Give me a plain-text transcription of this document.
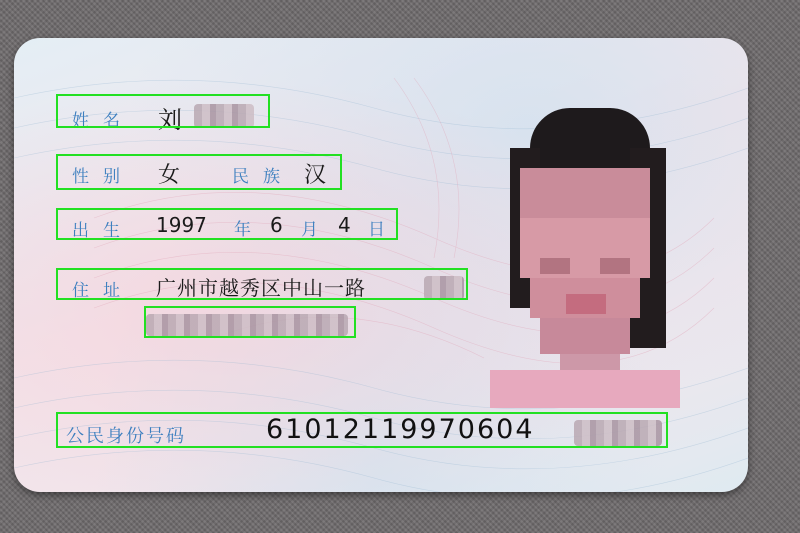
姓名 刘
性别 女	民族 汉
出生 1997 年 6 月 4 日
住址 广州市越秀区中山一路
公民身份号码	61012119970604
